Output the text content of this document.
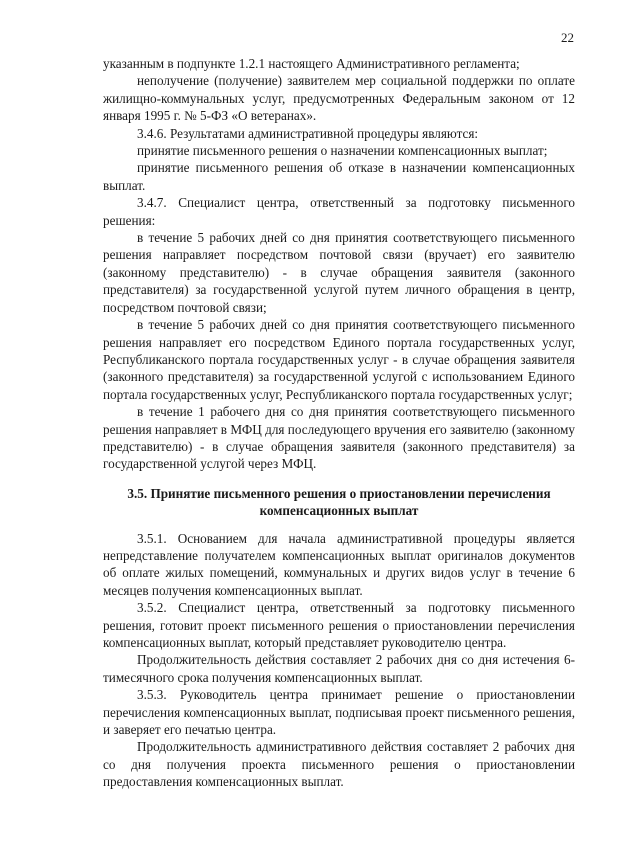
22

указанным в подпункте 1.2.1 настоящего Административного регламента;

неполучение (получение) заявителем мер социальной поддержки по оплате жилищно-коммунальных услуг, предусмотренных Федеральным законом от 12 января 1995 г. № 5-ФЗ «О ветеранах».

3.4.6. Результатами административной процедуры являются:

принятие письменного решения о назначении компенсационных выплат;

принятие письменного решения об отказе в назначении компенсационных выплат.

3.4.7. Специалист центра, ответственный за подготовку письменного решения:

в течение 5 рабочих дней со дня принятия соответствующего письменного решения направляет посредством почтовой связи (вручает) его заявителю (законному представителю) - в случае обращения заявителя (законного представителя) за государственной услугой путем личного обращения в центр, посредством почтовой связи;

в течение 5 рабочих дней со дня принятия соответствующего письменного решения направляет его посредством Единого портала государственных услуг, Республиканского портала государственных услуг - в случае обращения заявителя (законного представителя) за государственной услугой с использованием Единого портала государственных услуг, Республиканского портала государственных услуг;

в течение 1 рабочего дня со дня принятия соответствующего письменного решения направляет в МФЦ для последующего вручения его заявителю (законному представителю) - в случае обращения заявителя (законного представителя) за государственной услугой через МФЦ.

3.5. Принятие письменного решения о приостановлении перечисления
компенсационных выплат

3.5.1. Основанием для начала административной процедуры является непредставление получателем компенсационных выплат оригиналов документов об оплате жилых помещений, коммунальных и других видов услуг в течение 6 месяцев получения компенсационных выплат.

3.5.2. Специалист центра, ответственный за подготовку письменного решения, готовит проект письменного решения о приостановлении перечисления компенсационных выплат, который представляет руководителю центра.

Продолжительность действия составляет 2 рабочих дня со дня истечения 6-тимесячного срока получения компенсационных выплат.

3.5.3. Руководитель центра принимает решение о приостановлении перечисления компенсационных выплат, подписывая проект письменного решения, и заверяет его печатью центра.

Продолжительность административного действия составляет 2 рабочих дня со дня получения проекта письменного решения о приостановлении предоставления компенсационных выплат.
